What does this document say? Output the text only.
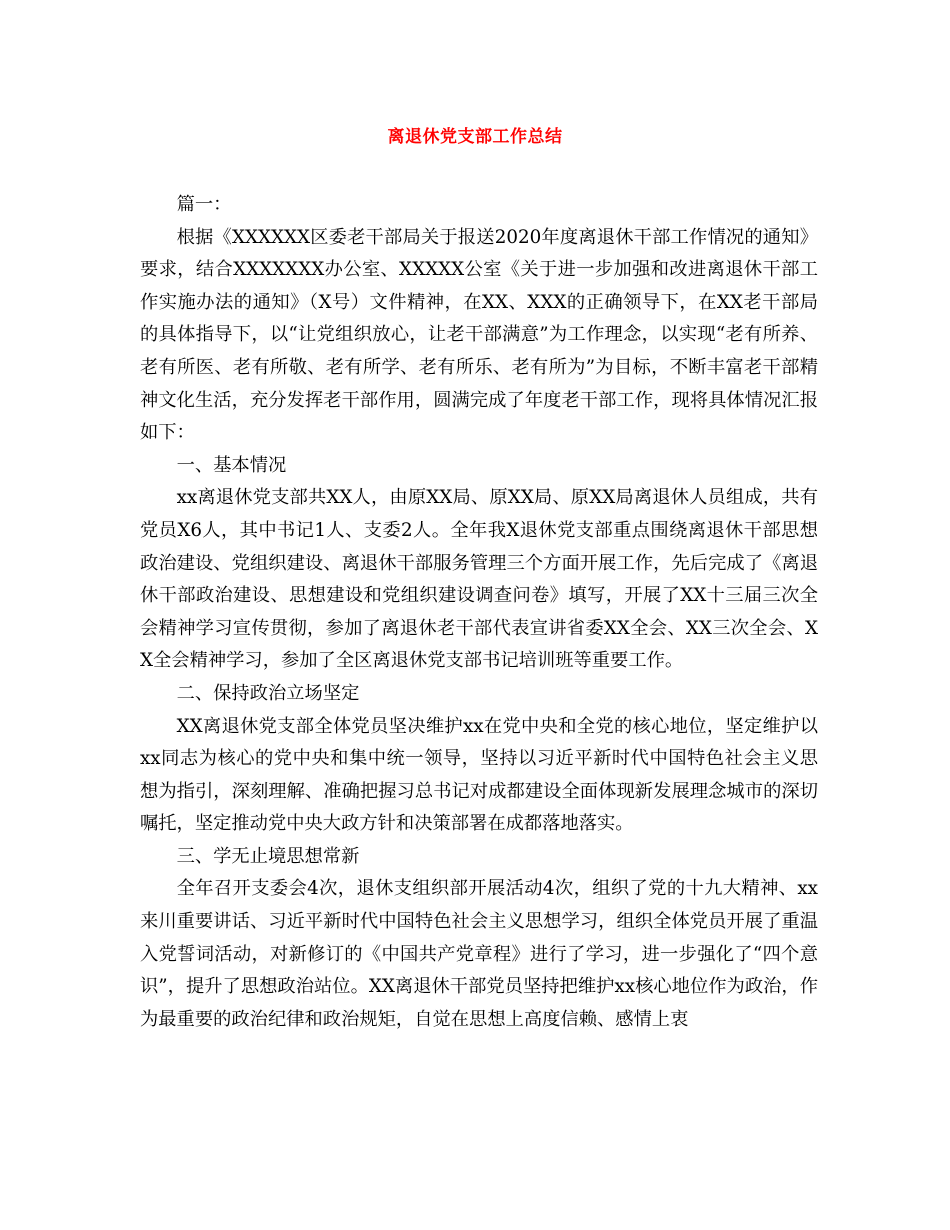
离退休党支部工作总结

篇一：

根据《XXXXXX区委老干部局关于报送2020年度离退休干部工作情况的通知》要求，结合XXXXXXX办公室、XXXXX公室《关于进一步加强和改进离退休干部工作实施办法的通知》（X号）文件精神，在XX、XXX的正确领导下，在XX老干部局的具体指导下，以“让党组织放心，让老干部满意”为工作理念，以实现“老有所养、老有所医、老有所敬、老有所学、老有所乐、老有所为”为目标，不断丰富老干部精神文化生活，充分发挥老干部作用，圆满完成了年度老干部工作，现将具体情况汇报如下：

一、基本情况

xx离退休党支部共XX人，由原XX局、原XX局、原XX局离退休人员组成，共有党员X6人，其中书记1人、支委2人。全年我X退休党支部重点围绕离退休干部思想政治建设、党组织建设、离退休干部服务管理三个方面开展工作，先后完成了《离退休干部政治建设、思想建设和党组织建设调查问卷》填写，开展了XX十三届三次全会精神学习宣传贯彻，参加了离退休老干部代表宣讲省委XX全会、XX三次全会、XX全会精神学习，参加了全区离退休党支部书记培训班等重要工作。

二、保持政治立场坚定

XX离退休党支部全体党员坚决维护xx在党中央和全党的核心地位，坚定维护以xx同志为核心的党中央和集中统一领导，坚持以习近平新时代中国特色社会主义思想为指引，深刻理解、准确把握习总书记对成都建设全面体现新发展理念城市的深切嘱托，坚定推动党中央大政方针和决策部署在成都落地落实。

三、学无止境思想常新

全年召开支委会4次，退休支组织部开展活动4次，组织了党的十九大精神、xx来川重要讲话、习近平新时代中国特色社会主义思想学习，组织全体党员开展了重温入党誓词活动，对新修订的《中国共产党章程》进行了学习，进一步强化了“四个意识”，提升了思想政治站位。XX离退休干部党员坚持把维护xx核心地位作为政治，作为最重要的政治纪律和政治规矩，自觉在思想上高度信赖、感情上衷
